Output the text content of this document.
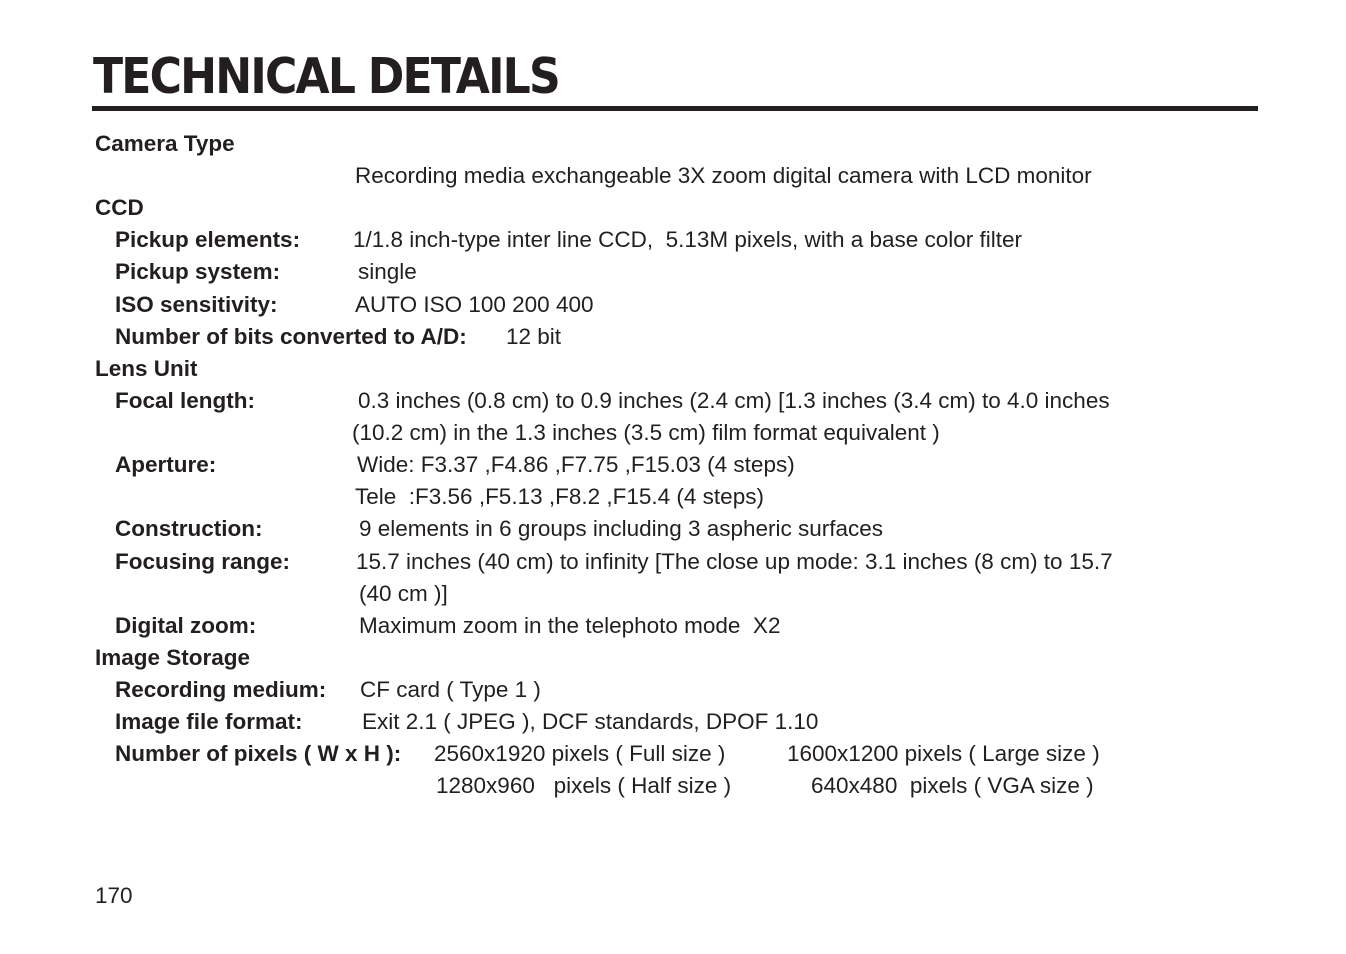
TECHNICAL DETAILS
Camera Type
Recording media exchangeable 3X zoom digital camera with LCD monitor
CCD
Pickup elements: 1/1.8 inch-type inter line CCD,  5.13M pixels, with a base color filter
Pickup system:	single
ISO sensitivity:	AUTO ISO 100 200 400
Number of bits converted to A/D: 12 bit
Lens Unit
Focal length:	0.3 inches (0.8 cm) to 0.9 inches (2.4 cm) [1.3 inches (3.4 cm) to 4.0 inches
(10.2 cm) in the 1.3 inches (3.5 cm) film format equivalent )
Aperture:	Wide: F3.37 ,F4.86 ,F7.75 ,F15.03 (4 steps)
Tele  :F3.56 ,F5.13 ,F8.2 ,F15.4 (4 steps)
Construction:	9 elements in 6 groups including 3 aspheric surfaces
Focusing range:	15.7 inches (40 cm) to infinity [The close up mode: 3.1 inches (8 cm) to 15.7
(40 cm )]
Digital zoom:	Maximum zoom in the telephoto mode  X2
Image Storage
Recording medium: CF card ( Type 1 )
Image file format:	Exit 2.1 ( JPEG ), DCF standards, DPOF 1.10
Number of pixels ( W x H ): 2560x1920 pixels ( Full size )	1600x1200 pixels ( Large size )
1280x960   pixels ( Half size )	640x480  pixels ( VGA size )
170
